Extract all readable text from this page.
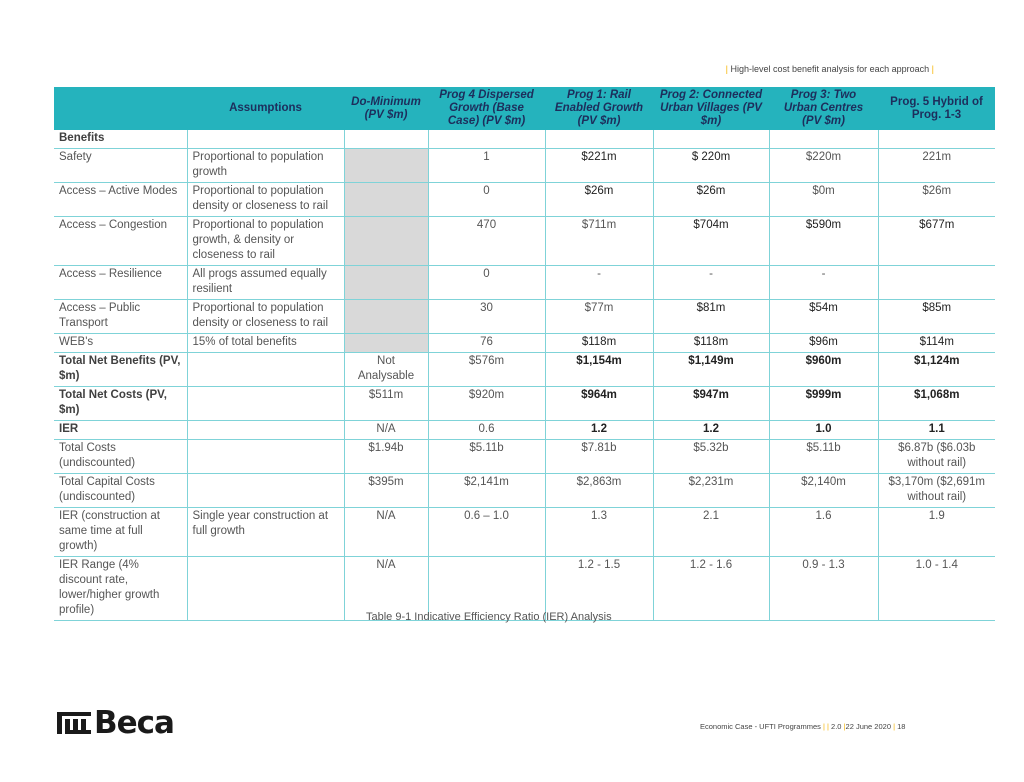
| High-level cost benefit analysis for each approach |
	Assumptions	Do-Minimum (PV $m)	Prog 4 Dispersed Growth (Base Case) (PV $m)	Prog 1: Rail Enabled Growth (PV $m)	Prog 2: Connected Urban Villages (PV $m)	Prog 3: Two Urban Centres (PV $m)	Prog. 5 Hybrid of Prog. 1-3
Benefits							
Safety	Proportional to population growth		1	$221m	$ 220m	$220m	221m
Access – Active Modes	Proportional to population density or closeness to rail		0	$26m	$26m	$0m	$26m
Access – Congestion	Proportional to population growth, & density or closeness to rail		470	$711m	$704m	$590m	$677m
Access – Resilience	All progs assumed equally resilient		0	-	-	-	
Access – Public Transport	Proportional to population density or closeness to rail		30	$77m	$81m	$54m	$85m
WEB's	15% of total benefits		76	$118m	$118m	$96m	$114m
Total Net Benefits (PV, $m)		Not Analysable	$576m	$1,154m	$1,149m	$960m	$1,124m
Total Net Costs (PV, $m)		$511m	$920m	$964m	$947m	$999m	$1,068m
IER		N/A	0.6	1.2	1.2	1.0	1.1
Total Costs (undiscounted)		$1.94b	$5.11b	$7.81b	$5.32b	$5.11b	$6.87b ($6.03b without rail)
Total Capital Costs (undiscounted)		$395m	$2,141m	$2,863m	$2,231m	$2,140m	$3,170m ($2,691m without rail)
IER (construction at same time at full growth)	Single year construction at full growth	N/A	0.6 – 1.0	1.3	2.1	1.6	1.9
IER Range (4% discount rate, lower/higher growth profile)		N/A		1.2 - 1.5	1.2 - 1.6	0.9 - 1.3	1.0 - 1.4
Table 9-1 Indicative Efficiency Ratio (IER) Analysis
Beca	Economic Case - UFTI Programmes | | 2.0 |22 June 2020 | 18
